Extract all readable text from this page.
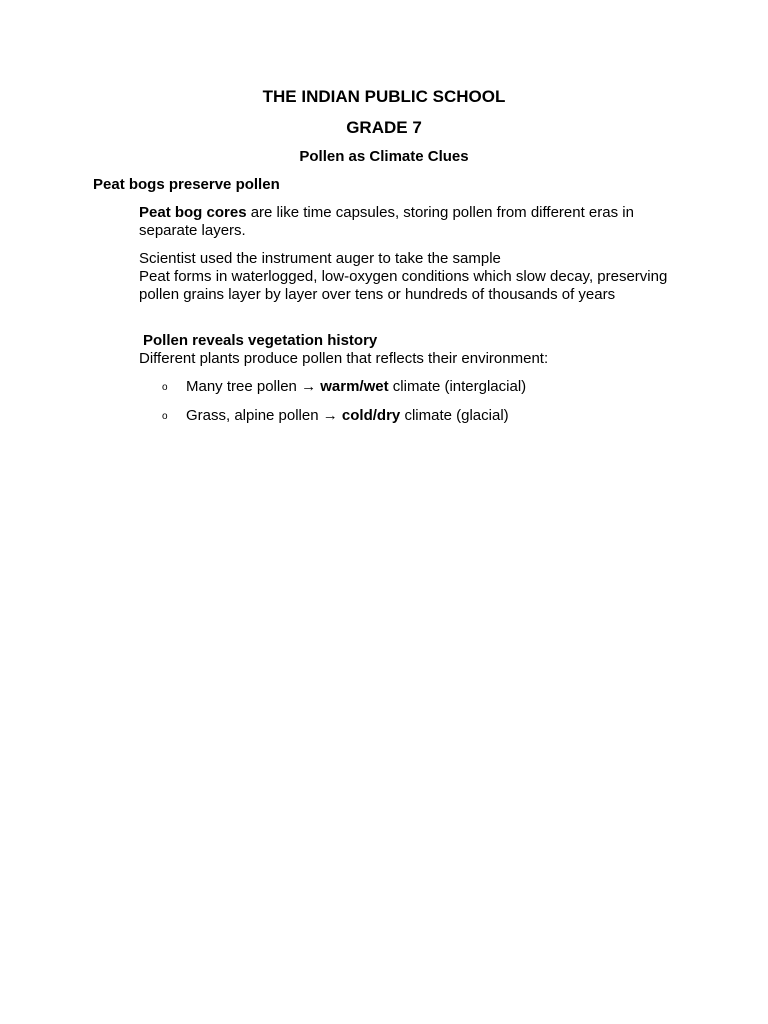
THE INDIAN PUBLIC SCHOOL
GRADE 7
Pollen as Climate Clues
Peat bogs preserve pollen
Peat bog cores are like time capsules, storing pollen from different eras in separate layers.
Scientist used the instrument auger to take the sample
Peat forms in waterlogged, low-oxygen conditions which slow decay, preserving pollen grains layer by layer over tens or hundreds of thousands of years
Pollen reveals vegetation history
Different plants produce pollen that reflects their environment:
o Many tree pollen → warm/wet climate (interglacial)
o Grass, alpine pollen → cold/dry climate (glacial)
